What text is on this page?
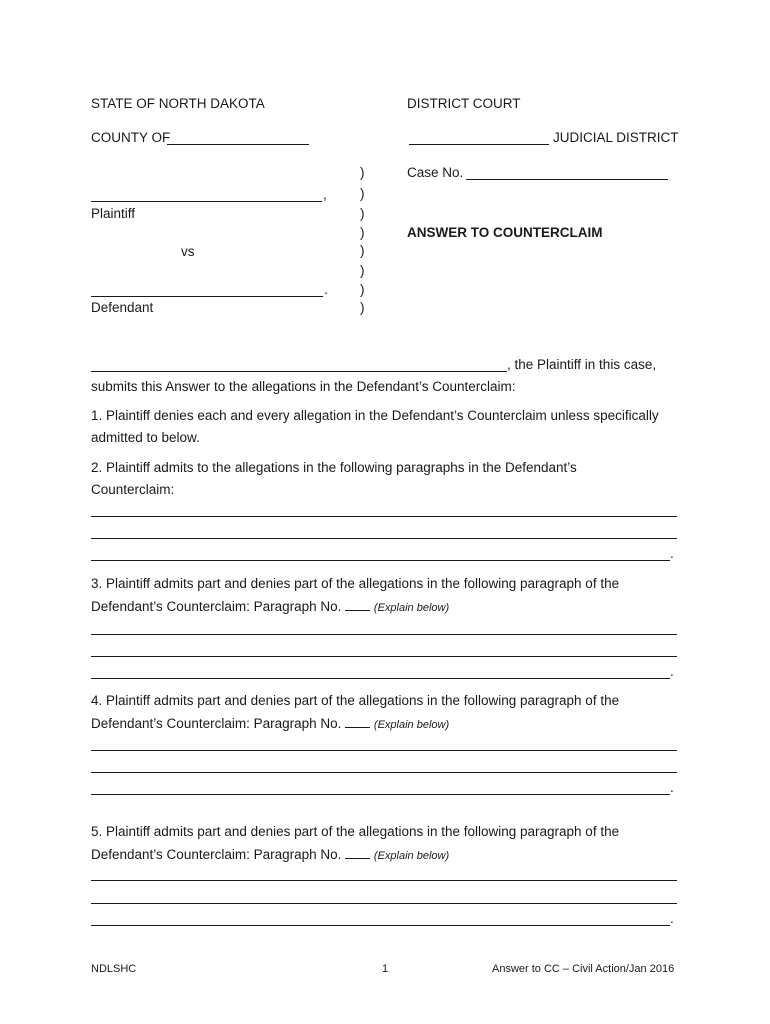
STATE OF NORTH DAKOTA	DISTRICT COURT
COUNTY OF	JUDICIAL DISTRICT
Case No.
)
)
)
)
)
)
)
)
,
Plaintiff
ANSWER TO COUNTERCLAIM
vs
.
Defendant
, the Plaintiff in this case,
submits this Answer to the allegations in the Defendant’s Counterclaim:
1. Plaintiff denies each and every allegation in the Defendant’s Counterclaim unless specifically
admitted to below.
2. Plaintiff admits to the allegations in the following paragraphs in the Defendant’s
Counterclaim:
.
3. Plaintiff admits part and denies part of the allegations in the following paragraph of the
Defendant’s Counterclaim: Paragraph No.	(Explain below)
.
4. Plaintiff admits part and denies part of the allegations in the following paragraph of the
Defendant’s Counterclaim: Paragraph No.	(Explain below)
.
5. Plaintiff admits part and denies part of the allegations in the following paragraph of the
Defendant’s Counterclaim: Paragraph No.	(Explain below)
.
NDLSHC	1	Answer to CC – Civil Action/Jan 2016
